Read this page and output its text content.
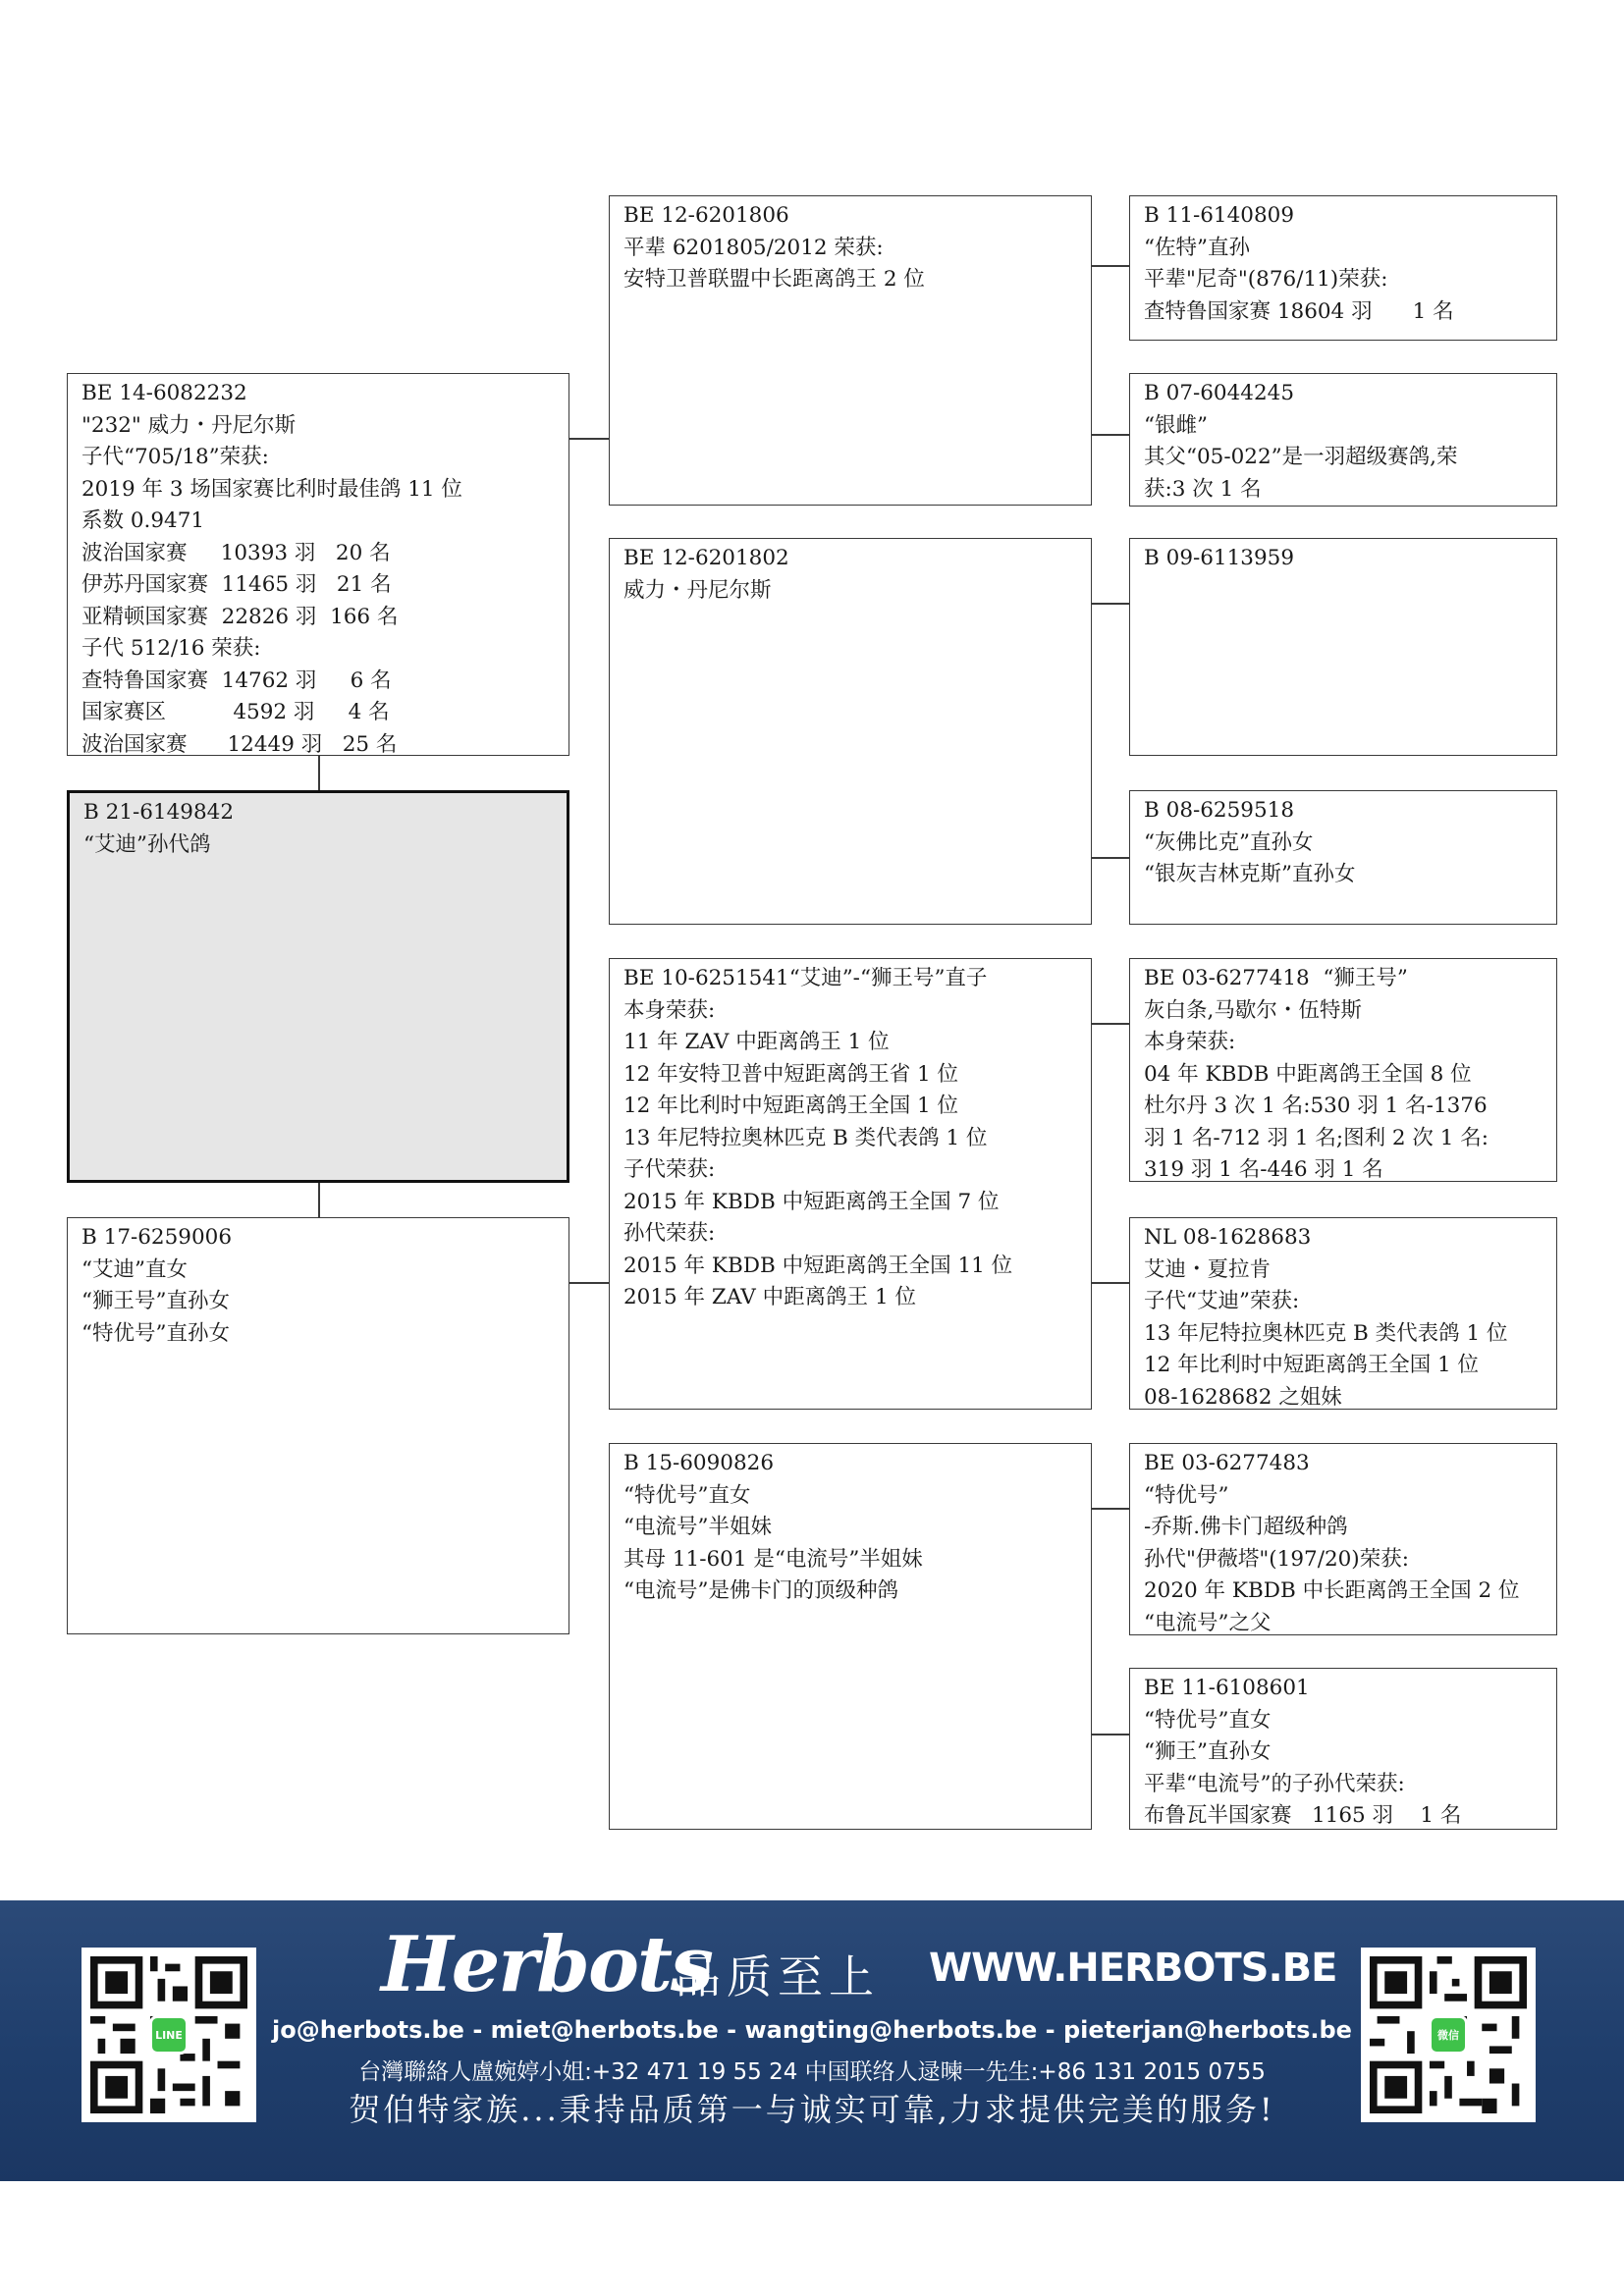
BE 12-6201806
平辈 6201805/2012 荣获:
安特卫普联盟中长距离鸽王 2 位
B 11-6140809
“佐特”直孙
平辈"尼奇"(876/11)荣获:
查特鲁国家赛 18604 羽      1 名
B 07-6044245
“银雌”
其父“05-022”是一羽超级赛鸽,荣
获:3 次 1 名
BE 14-6082232
"232" 威力・丹尼尔斯
子代“705/18”荣获:
2019 年 3 场国家赛比利时最佳鸽 11 位
系数 0.9471
波治国家赛     10393 羽   20 名
伊苏丹国家赛  11465 羽   21 名
亚精顿国家赛  22826 羽  166 名
子代 512/16 荣获:
查特鲁国家赛  14762 羽     6 名
国家赛区          4592 羽     4 名
波治国家赛      12449 羽   25 名
BE 12-6201802
威力・丹尼尔斯
B 09-6113959
B 08-6259518
“灰佛比克”直孙女
“银灰吉林克斯”直孙女
B 21-6149842
“艾迪”孙代鸽
BE 10-6251541“艾迪”-“狮王号”直子
本身荣获:
11 年 ZAV 中距离鸽王 1 位
12 年安特卫普中短距离鸽王省 1 位
12 年比利时中短距离鸽王全国 1 位
13 年尼特拉奥林匹克 B 类代表鸽 1 位
子代荣获:
2015 年 KBDB 中短距离鸽王全国 7 位
孙代荣获:
2015 年 KBDB 中短距离鸽王全国 11 位
2015 年 ZAV 中距离鸽王 1 位
BE 03-6277418  “狮王号”
灰白条,马歇尔・伍特斯
本身荣获:
04 年 KBDB 中距离鸽王全国 8 位
杜尔丹 3 次 1 名:530 羽 1 名-1376
羽 1 名-712 羽 1 名;图利 2 次 1 名:
319 羽 1 名-446 羽 1 名
NL 08-1628683
艾迪・夏拉肯
子代“艾迪”荣获:
13 年尼特拉奥林匹克 B 类代表鸽 1 位
12 年比利时中短距离鸽王全国 1 位
08-1628682 之姐妹
B 17-6259006
“艾迪”直女
“狮王号”直孙女
“特优号”直孙女
B 15-6090826
“特优号”直女
“电流号”半姐妹
其母 11-601 是“电流号”半姐妹
“电流号”是佛卡门的顶级种鸽
BE 03-6277483
“特优号”
-乔斯.佛卡门超级种鸽
孙代"伊薇塔"(197/20)荣获:
2020 年 KBDB 中长距离鸽王全国 2 位
“电流号”之父
BE 11-6108601
“特优号”直女
“狮王”直孙女
平辈“电流号”的子孙代荣获:
布鲁瓦半国家赛   1165 羽    1 名
LINE
Herbots
品质至上 WWW.HERBOTS.BE
jo@herbots.be - miet@herbots.be - wangting@herbots.be - pieterjan@herbots.be
台灣聯絡人盧婉婷小姐:+32 471 19 55 24 中国联络人逯暕一先生:+86 131 2015 0755
贺伯特家族...秉持品质第一与诚实可靠,力求提供完美的服务!
微信
